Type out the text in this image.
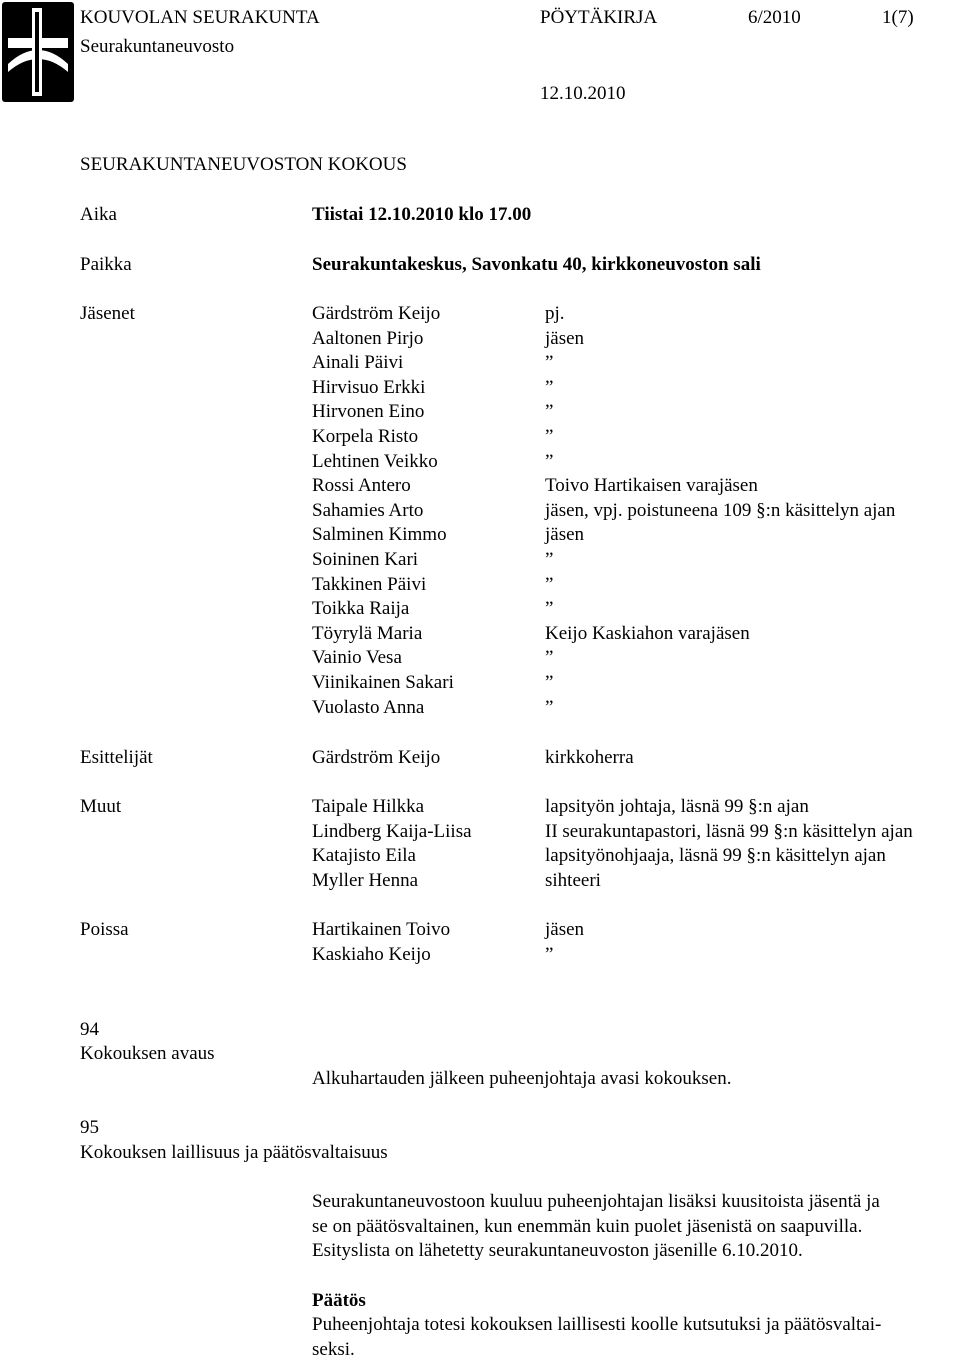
KOUVOLAN SEURAKUNTA
Seurakuntaneuvosto
PÖYTÄKIRJA	6/2010	1(7)
12.10.2010
SEURAKUNTANEUVOSTON KOKOUS
Aika	Tiistai 12.10.2010 klo 17.00
Paikka	Seurakuntakeskus, Savonkatu 40, kirkkoneuvoston sali
Jäsenet	Gärdström Keijo	pj.
Aaltonen Pirjo	jäsen
Ainali Päivi	”
Hirvisuo Erkki	”
Hirvonen Eino	”
Korpela Risto	”
Lehtinen Veikko	”
Rossi Antero	Toivo Hartikaisen varajäsen
Sahamies Arto	jäsen, vpj. poistuneena 109 §:n käsittelyn ajan
Salminen Kimmo	jäsen
Soininen Kari	”
Takkinen Päivi	”
Toikka Raija	”
Töyrylä Maria	Keijo Kaskiahon varajäsen
Vainio Vesa	”
Viinikainen Sakari	”
Vuolasto Anna	”
Esittelijät	Gärdström Keijo	kirkkoherra
Muut	Taipale Hilkka	lapsityön johtaja, läsnä 99 §:n ajan
Lindberg Kaija-Liisa	II seurakuntapastori, läsnä 99 §:n käsittelyn ajan
Katajisto Eila	lapsityönohjaaja, läsnä 99 §:n käsittelyn ajan
Myller Henna	sihteeri
Poissa	Hartikainen Toivo	jäsen
Kaskiaho Keijo	”
94
Kokouksen avaus
Alkuhartauden jälkeen puheenjohtaja avasi kokouksen.
95
Kokouksen laillisuus ja päätösvaltaisuus

Seurakuntaneuvostoon kuuluu puheenjohtajan lisäksi kuusitoista jäsentä ja

se on päätösvaltainen, kun enemmän kuin puolet jäsenistä on saapuvilla.

Esityslista on lähetetty seurakuntaneuvoston jäsenille 6.10.2010.

Päätös

Puheenjohtaja totesi kokouksen laillisesti koolle kutsutuksi ja päätösvaltai-

seksi.
